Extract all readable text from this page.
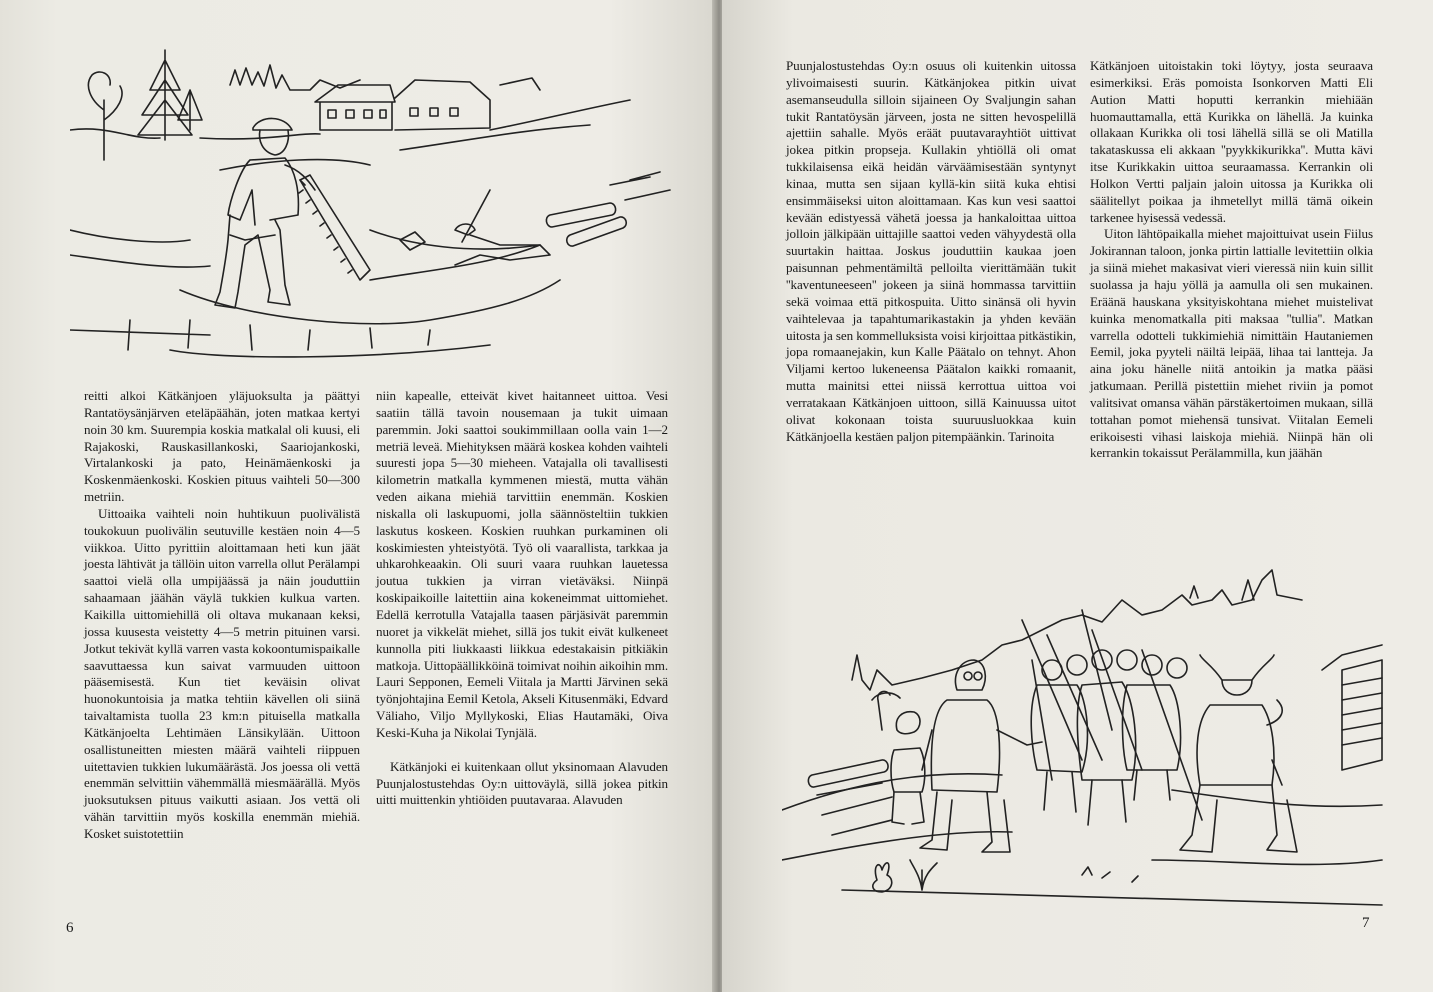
reitti alkoi Kätkänjoen yläjuoksulta ja päättyi Rantatöysänjärven eteläpäähän, joten matkaa kertyi noin 30 km. Suurempia koskia matkalal oli kuusi, eli Rajakoski, Rauskasillankoski, Saariojankoski, Virtalankoski ja pato, Heinämäenkoski ja Koskenmäenkoski. Koskien pituus vaihteli 50—300 metriin.

Uittoaika vaihteli noin huhtikuun puolivälistä toukokuun puolivälin seutuville kestäen noin 4—5 viikkoa. Uitto pyrittiin aloittamaan heti kun jäät joesta lähtivät ja tällöin uiton varrella ollut Perälampi saattoi vielä olla umpijäässä ja näin jouduttiin sahaamaan jäähän väylä tukkien kulkua varten. Kaikilla uittomiehillä oli oltava mukanaan keksi, jossa kuusesta veistetty 4—5 metrin pituinen varsi. Jotkut tekivät kyllä varren vasta kokoontumispaikalle saavuttaessa kun saivat varmuuden uittoon pääsemisestä. Kun tiet keväisin olivat huonokuntoisia ja matka tehtiin kävellen oli siinä taivaltamista tuolla 23 km:n pituisella matkalla Kätkänjoelta Lehtimäen Länsikylään. Uittoon osallistuneitten miesten määrä vaihteli riippuen uitettavien tukkien lukumäärästä. Jos joessa oli vettä enemmän selvittiin vähemmällä miesmäärällä. Myös juoksutuksen pituus vaikutti asiaan. Jos vettä oli vähän tarvittiin myös koskilla enemmän miehiä. Kosket suistotettiin

niin kapealle, etteivät kivet haitanneet uittoa. Vesi saatiin tällä tavoin nousemaan ja tukit uimaan paremmin. Joki saattoi soukimmillaan oolla vain 1—2 metriä leveä. Miehityksen määrä koskea kohden vaihteli suuresti jopa 5—30 mieheen. Vatajalla oli tavallisesti kilometrin matkalla kymmenen miestä, mutta vähän veden aikana miehiä tarvittiin enemmän. Koskien niskalla oli laskupuomi, jolla säännösteltiin tukkien laskutus koskeen. Koskien ruuhkan purkaminen oli koskimiesten yhteistyötä. Työ oli vaarallista, tarkkaa ja uhkarohkeaakin. Oli suuri vaara ruuhkan lauetessa joutua tukkien ja virran vietäväksi. Niinpä koskipaikoille laitettiin aina kokeneimmat uittomiehet. Edellä kerrotulla Vatajalla taasen pärjäsivät paremmin nuoret ja vikkelät miehet, sillä jos tukit eivät kulkeneet kunnolla piti liukkaasti liikkua edestakaisin pitkiäkin matkoja. Uittopäällikköinä toimivat noihin aikoihin mm. Lauri Sepponen, Eemeli Viitala ja Martti Järvinen sekä työnjohtajina Eemil Ketola, Akseli Kitusenmäki, Edvard Väliaho, Viljo Myllykoski, Elias Hautamäki, Oiva Keski-Kuha ja Nikolai Tynjälä.

Kätkänjoki ei kuitenkaan ollut yksinomaan Alavuden Puunjalostustehdas Oy:n uittoväylä, sillä jokea pitkin uitti muittenkin yhtiöiden puutavaraa. Alavuden

6

Puunjalostustehdas Oy:n osuus oli kuitenkin uitossa ylivoimaisesti suurin. Kätkänjokea pitkin uivat asemanseudulla silloin sijaineen Oy Svaljungin sahan tukit Rantatöysän järveen, josta ne sitten hevospelillä ajettiin sahalle. Myös eräät puutavarayhtiöt uittivat jokea pitkin propseja. Kullakin yhtiöllä oli omat tukkilaisensa eikä heidän värväämisestään syntynyt kinaa, mutta sen sijaan kyllä-kin siitä kuka ehtisi ensimmäiseksi uiton aloittamaan. Kas kun vesi saattoi kevään edistyessä vähetä joessa ja hankaloittaa uittoa jolloin jälkipään uittajille saattoi veden vähyydestä olla suurtakin haittaa. Joskus jouduttiin kaukaa joen paisunnan pehmentämiltä pelloilta vierittämään tukit ''kaventuneeseen'' jokeen ja siinä hommassa tarvittiin sekä voimaa että pitkospuita. Uitto sinänsä oli hyvin vaihtelevaa ja tapahtumarikastakin ja yhden kevään uitosta ja sen kommelluksista voisi kirjoittaa pitkästikin, jopa romaanejakin, kun Kalle Päätalo on tehnyt. Ahon Viljami kertoo lukeneensa Päätalon kaikki romaanit, mutta mainitsi ettei niissä kerrottua uittoa voi verratakaan Kätkänjoen uittoon, sillä Kainuussa uitot olivat kokonaan toista suuruusluokkaa kuin Kätkänjoella kestäen paljon pitempäänkin. Tarinoita

Kätkänjoen uitoistakin toki löytyy, josta seuraava esimerkiksi. Eräs pomoista Isonkorven Matti Eli Aution Matti hoputti kerrankin miehiään huomauttamalla, että Kurikka on lähellä. Ja kuinka ollakaan Kurikka oli tosi lähellä sillä se oli Matilla takataskussa eli akkaan ''pyykkikurikka''. Mutta kävi itse Kurikkakin uittoa seuraamassa. Kerrankin oli Holkon Vertti paljain jaloin uitossa ja Kurikka oli säälitellyt poikaa ja ihmetellyt millä tämä oikein tarkenee hyisessä vedessä.

Uiton lähtöpaikalla miehet majoittuivat usein Fiilus Jokirannan taloon, jonka pirtin lattialle levitettiin olkia ja siinä miehet makasivat vieri vieressä niin kuin sillit suolassa ja haju yöllä ja aamulla oli sen mukainen. Eräänä hauskana yksityiskohtana miehet muistelivat kuinka menomatkalla piti maksaa ''tullia''. Matkan varrella odotteli tukkimiehiä nimittäin Hautaniemen Eemil, joka pyyteli näiltä leipää, lihaa tai lantteja. Ja aina joku hänelle niitä antoikin ja matka pääsi jatkumaan. Perillä pistettiin miehet riviin ja pomot valitsivat omansa vähän pärstäkertoimen mukaan, sillä tottahan pomot miehensä tunsivat. Viitalan Eemeli erikoisesti vihasi laiskoja miehiä. Niinpä hän oli kerrankin tokaissut Perälammilla, kun jäähän

7
